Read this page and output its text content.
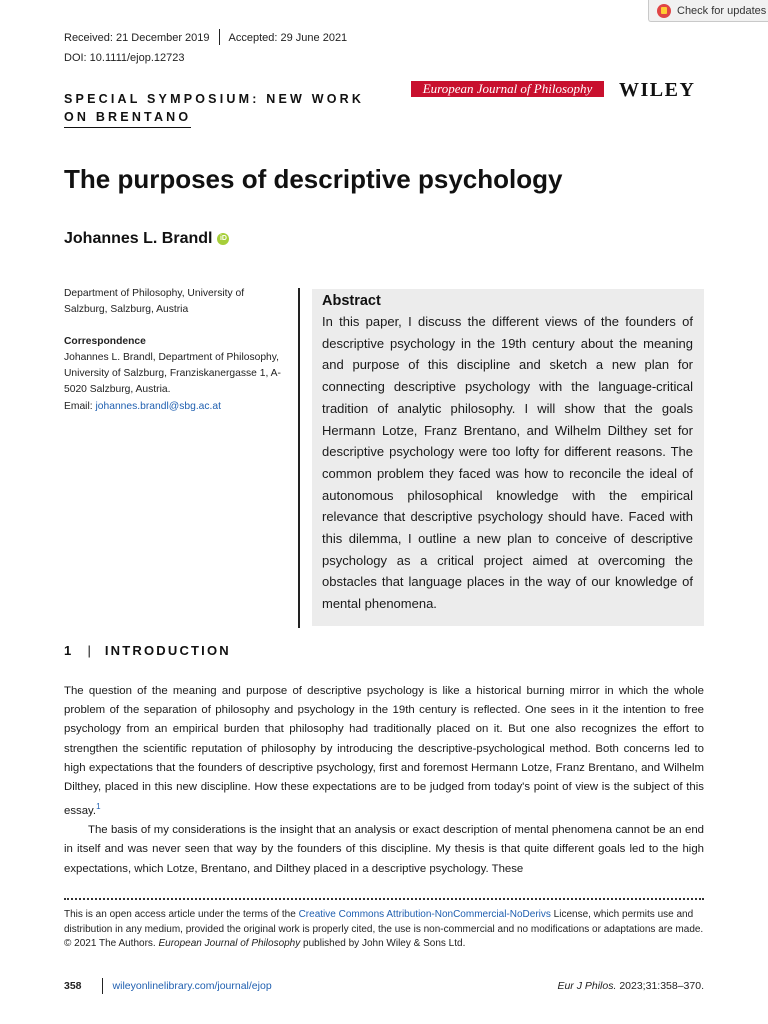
Received: 21 December 2019 Accepted: 29 June 2021
DOI: 10.1111/ejop.12723
Check for updates
SPECIAL SYMPOSIUM: NEW WORK
ON BRENTANO
European Journal of Philosophy	WILEY
The purposes of descriptive psychology
Johannes L. Brandl	iD
Department of Philosophy, University of Salzburg, Salzburg, Austria
Correspondence
Johannes L. Brandl, Department of Philosophy, University of Salzburg, Franziskanergasse 1, A-5020 Salzburg, Austria.
Email: johannes.brandl@sbg.ac.at
Abstract

In this paper, I discuss the different views of the founders of descriptive psychology in the 19th century about the meaning and purpose of this discipline and sketch a new plan for connecting descriptive psychology with the language-critical tradition of analytic philosophy. I will show that the goals Hermann Lotze, Franz Brentano, and Wilhelm Dilthey set for descriptive psychology were too lofty for different reasons. The common problem they faced was how to reconcile the ideal of autonomous philosophical knowledge with the empirical relevance that descriptive psychology should have. Faced with this dilemma, I outline a new plan to conceive of descriptive psychology as a critical project aimed at overcoming the obstacles that language places in the way of our knowledge of mental phenomena.

1 | INTRODUCTION

The question of the meaning and purpose of descriptive psychology is like a historical burning mirror in which the whole problem of the separation of philosophy and psychology in the 19th century is reflected. One sees in it the intention to free psychology from an empirical burden that philosophy had traditionally placed on it. But one also recognizes the effort to strengthen the scientific reputation of philosophy by introducing the descriptive-psychological method. Both concerns led to high expectations that the founders of descriptive psychology, first and foremost Hermann Lotze, Franz Brentano, and Wilhelm Dilthey, placed in this new discipline. How these expectations are to be judged from today's point of view is the subject of this essay.$^1$

The basis of my considerations is the insight that an analysis or exact description of mental phenomena cannot be an end in itself and was never seen that way by the founders of this discipline. My thesis is that quite different goals led to the high expectations, which Lotze, Brentano, and Dilthey placed in a descriptive psychology. These

This is an open access article under the terms of the Creative Commons Attribution-NonCommercial-NoDerivs License, which permits use and distribution in any medium, provided the original work is properly cited, the use is non-commercial and no modifications or adaptations are made.
© 2021 The Authors. European Journal of Philosophy published by John Wiley & Sons Ltd.
358	wileyonlinelibrary.com/journal/ejop	Eur J Philos. 2023;31:358–370.
